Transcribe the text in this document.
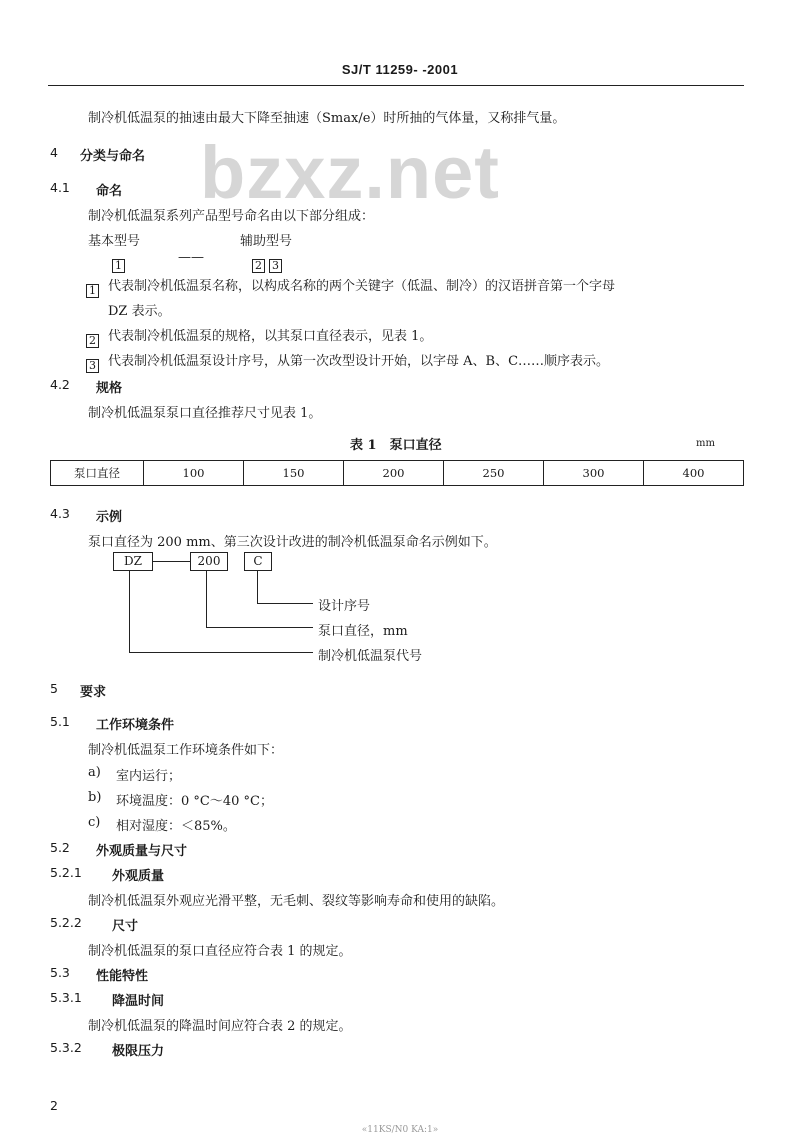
SJ/T 11259- -2001
bzxz.net
制冷机低温泵的抽速由最大下降至抽速（Smax/e）时所抽的气体量，又称排气量。
4 分类与命名
4.1 命名
制冷机低温泵系列产品型号命名由以下部分组成：
基本型号	辅助型号
1
——
2 3
1 代表制冷机低温泵名称，以构成名称的两个关键字（低温、制冷）的汉语拼音第一个字母
DZ 表示。
2 代表制冷机低温泵的规格，以其泵口直径表示，见表 1。
3 代表制冷机低温泵设计序号，从第一次改型设计开始，以字母 A、B、C……顺序表示。
4.2 规格
制冷机低温泵泵口直径推荐尺寸见表 1。
表 1　泵口直径	mm
泵口直径	100	150	200	250	300	400
4.3 示例
泵口直径为 200 mm、第三次设计改进的制冷机低温泵命名示例如下。
DZ	200	C
设计序号
泵口直径，mm
制冷机低温泵代号
5 要求
5.1 工作环境条件
制冷机低温泵工作环境条件如下：
a) 室内运行；
b) 环境温度：0 °C～40 °C；
c) 相对湿度：＜85%。
5.2 外观质量与尺寸
5.2.1 外观质量
制冷机低温泵外观应光滑平整，无毛刺、裂纹等影响寿命和使用的缺陷。
5.2.2 尺寸
制冷机低温泵的泵口直径应符合表 1 的规定。
5.3 性能特性
5.3.1 降温时间
制冷机低温泵的降温时间应符合表 2 的规定。
5.3.2 极限压力
2
«11KS/N0 KA:1»
